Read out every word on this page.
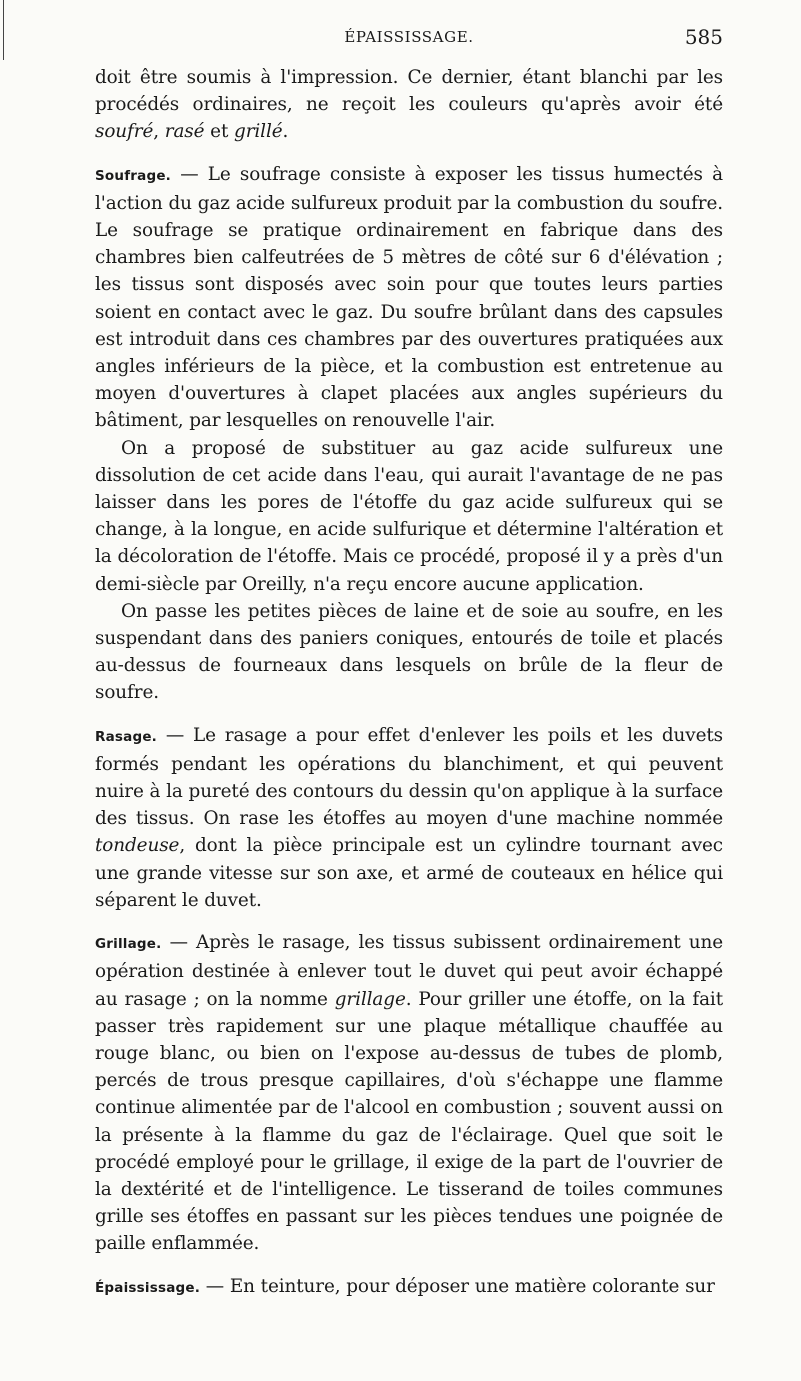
ÉPAISSISSAGE.	585

doit être soumis à l'impression. Ce dernier, étant blanchi par les procédés ordinaires, ne reçoit les couleurs qu'après avoir été soufré, rasé et grillé.

Soufrage. — Le soufrage consiste à exposer les tissus humectés à l'action du gaz acide sulfureux produit par la combustion du soufre. Le soufrage se pratique ordinairement en fabrique dans des chambres bien calfeutrées de 5 mètres de côté sur 6 d'élévation ; les tissus sont disposés avec soin pour que toutes leurs parties soient en contact avec le gaz. Du soufre brûlant dans des capsules est introduit dans ces chambres par des ouvertures pratiquées aux angles inférieurs de la pièce, et la combustion est entretenue au moyen d'ouvertures à clapet placées aux angles supérieurs du bâtiment, par lesquelles on renouvelle l'air.

On a proposé de substituer au gaz acide sulfureux une dissolution de cet acide dans l'eau, qui aurait l'avantage de ne pas laisser dans les pores de l'étoffe du gaz acide sulfureux qui se change, à la longue, en acide sulfurique et détermine l'altération et la décoloration de l'étoffe. Mais ce procédé, proposé il y a près d'un demi-siècle par Oreilly, n'a reçu encore aucune application.

On passe les petites pièces de laine et de soie au soufre, en les suspendant dans des paniers coniques, entourés de toile et placés au-dessus de fourneaux dans lesquels on brûle de la fleur de soufre.

Rasage. — Le rasage a pour effet d'enlever les poils et les duvets formés pendant les opérations du blanchiment, et qui peuvent nuire à la pureté des contours du dessin qu'on applique à la surface des tissus. On rase les étoffes au moyen d'une machine nommée tondeuse, dont la pièce principale est un cylindre tournant avec une grande vitesse sur son axe, et armé de couteaux en hélice qui séparent le duvet.

Grillage. — Après le rasage, les tissus subissent ordinairement une opération destinée à enlever tout le duvet qui peut avoir échappé au rasage ; on la nomme grillage. Pour griller une étoffe, on la fait passer très rapidement sur une plaque métallique chauffée au rouge blanc, ou bien on l'expose au-dessus de tubes de plomb, percés de trous presque capillaires, d'où s'échappe une flamme continue alimentée par de l'alcool en combustion ; souvent aussi on la présente à la flamme du gaz de l'éclairage. Quel que soit le procédé employé pour le grillage, il exige de la part de l'ouvrier de la dextérité et de l'intelligence. Le tisserand de toiles communes grille ses étoffes en passant sur les pièces tendues une poignée de paille enflammée.

Épaississage. — En teinture, pour déposer une matière colorante sur
